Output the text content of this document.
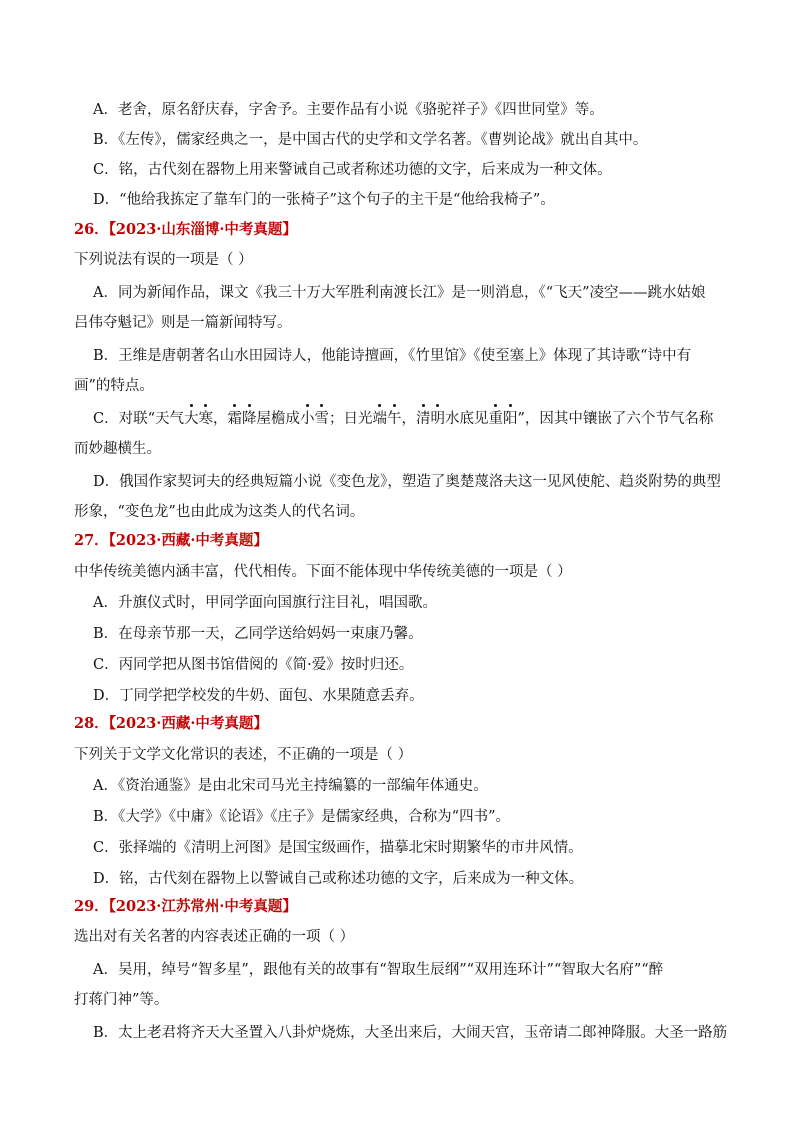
A．老舍，原名舒庆春，字舍予。主要作品有小说《骆驼祥子》《四世同堂》等。
B．《左传》，儒家经典之一，是中国古代的史学和文学名著。《曹刿论战》就出自其中。
C．铭，古代刻在器物上用来警诫自己或者称述功德的文字，后来成为一种文体。
D．“他给我拣定了靠车门的一张椅子”这个句子的主干是“他给我椅子”。
26．【2023·山东淄博·中考真题】
下列说法有误的一项是（ ）
A．同为新闻作品，课文《我三十万大军胜利南渡长江》是一则消息，《“飞天”凌空——跳水姑娘
吕伟夺魁记》则是一篇新闻特写。
B．王维是唐朝著名山水田园诗人，他能诗擅画，《竹里馆》《使至塞上》体现了其诗歌“诗中有
画”的特点。
C．对联“天气大寒，霜降屋檐成小雪；日光端午，清明水底见重阳”，因其中镶嵌了六个节气名称
而妙趣横生。
D．俄国作家契诃夫的经典短篇小说《变色龙》，塑造了奥楚蔑洛夫这一见风使舵、趋炎附势的典型
形象，“变色龙”也由此成为这类人的代名词。
27．【2023·西藏·中考真题】
中华传统美德内涵丰富，代代相传。下面不能体现中华传统美德的一项是（ ）
A．升旗仪式时，甲同学面向国旗行注目礼，唱国歌。
B．在母亲节那一天，乙同学送给妈妈一束康乃馨。
C．丙同学把从图书馆借阅的《简·爱》按时归还。
D．丁同学把学校发的牛奶、面包、水果随意丢弃。
28．【2023·西藏·中考真题】
下列关于文学文化常识的表述，不正确的一项是（ ）
A．《资治通鉴》是由北宋司马光主持编纂的一部编年体通史。
B．《大学》《中庸》《论语》《庄子》是儒家经典，合称为“四书”。
C．张择端的《清明上河图》是国宝级画作，描摹北宋时期繁华的市井风情。
D．铭，古代刻在器物上以警诫自己或称述功德的文字，后来成为一种文体。
29．【2023·江苏常州·中考真题】
选出对有关名著的内容表述正确的一项（ ）
A．吴用，绰号“智多星”，跟他有关的故事有“智取生辰纲”“双用连环计”“智取大名府”“醉
打蒋门神”等。
B．太上老君将齐天大圣置入八卦炉烧炼，大圣出来后，大闹天宫，玉帝请二郎神降服。大圣一路筋
